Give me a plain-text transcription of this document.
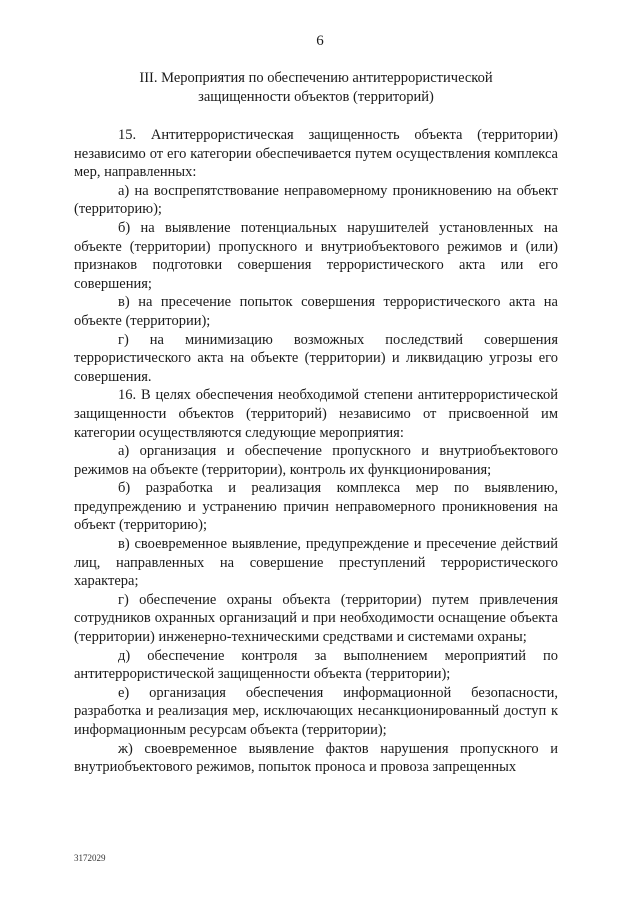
6
III. Мероприятия по обеспечению антитеррористической
защищенности объектов (территорий)

15. Антитеррористическая защищенность объекта (территории) независимо от его категории обеспечивается путем осуществления комплекса мер, направленных:

а) на воспрепятствование неправомерному проникновению на объект (территорию);

б) на выявление потенциальных нарушителей установленных на объекте (территории) пропускного и внутриобъектового режимов и (или) признаков подготовки совершения террористического акта или его совершения;

в) на пресечение попыток совершения террористического акта на объекте (территории);

г) на минимизацию возможных последствий совершения террористического акта на объекте (территории) и ликвидацию угрозы его совершения.

16. В целях обеспечения необходимой степени антитеррористической защищенности объектов (территорий) независимо от присвоенной им категории осуществляются следующие мероприятия:

а) организация и обеспечение пропускного и внутриобъектового режимов на объекте (территории), контроль их функционирования;

б) разработка и реализация комплекса мер по выявлению, предупреждению и устранению причин неправомерного проникновения на объект (территорию);

в) своевременное выявление, предупреждение и пресечение действий лиц, направленных на совершение преступлений террористического характера;

г) обеспечение охраны объекта (территории) путем привлечения сотрудников охранных организаций и при необходимости оснащение объекта (территории) инженерно-техническими средствами и системами охраны;

д) обеспечение контроля за выполнением мероприятий по антитеррористической защищенности объекта (территории);

е) организация обеспечения информационной безопасности, разработка и реализация мер, исключающих несанкционированный доступ к информационным ресурсам объекта (территории);

ж) своевременное выявление фактов нарушения пропускного и внутриобъектового режимов, попыток проноса и провоза запрещенных

3172029
